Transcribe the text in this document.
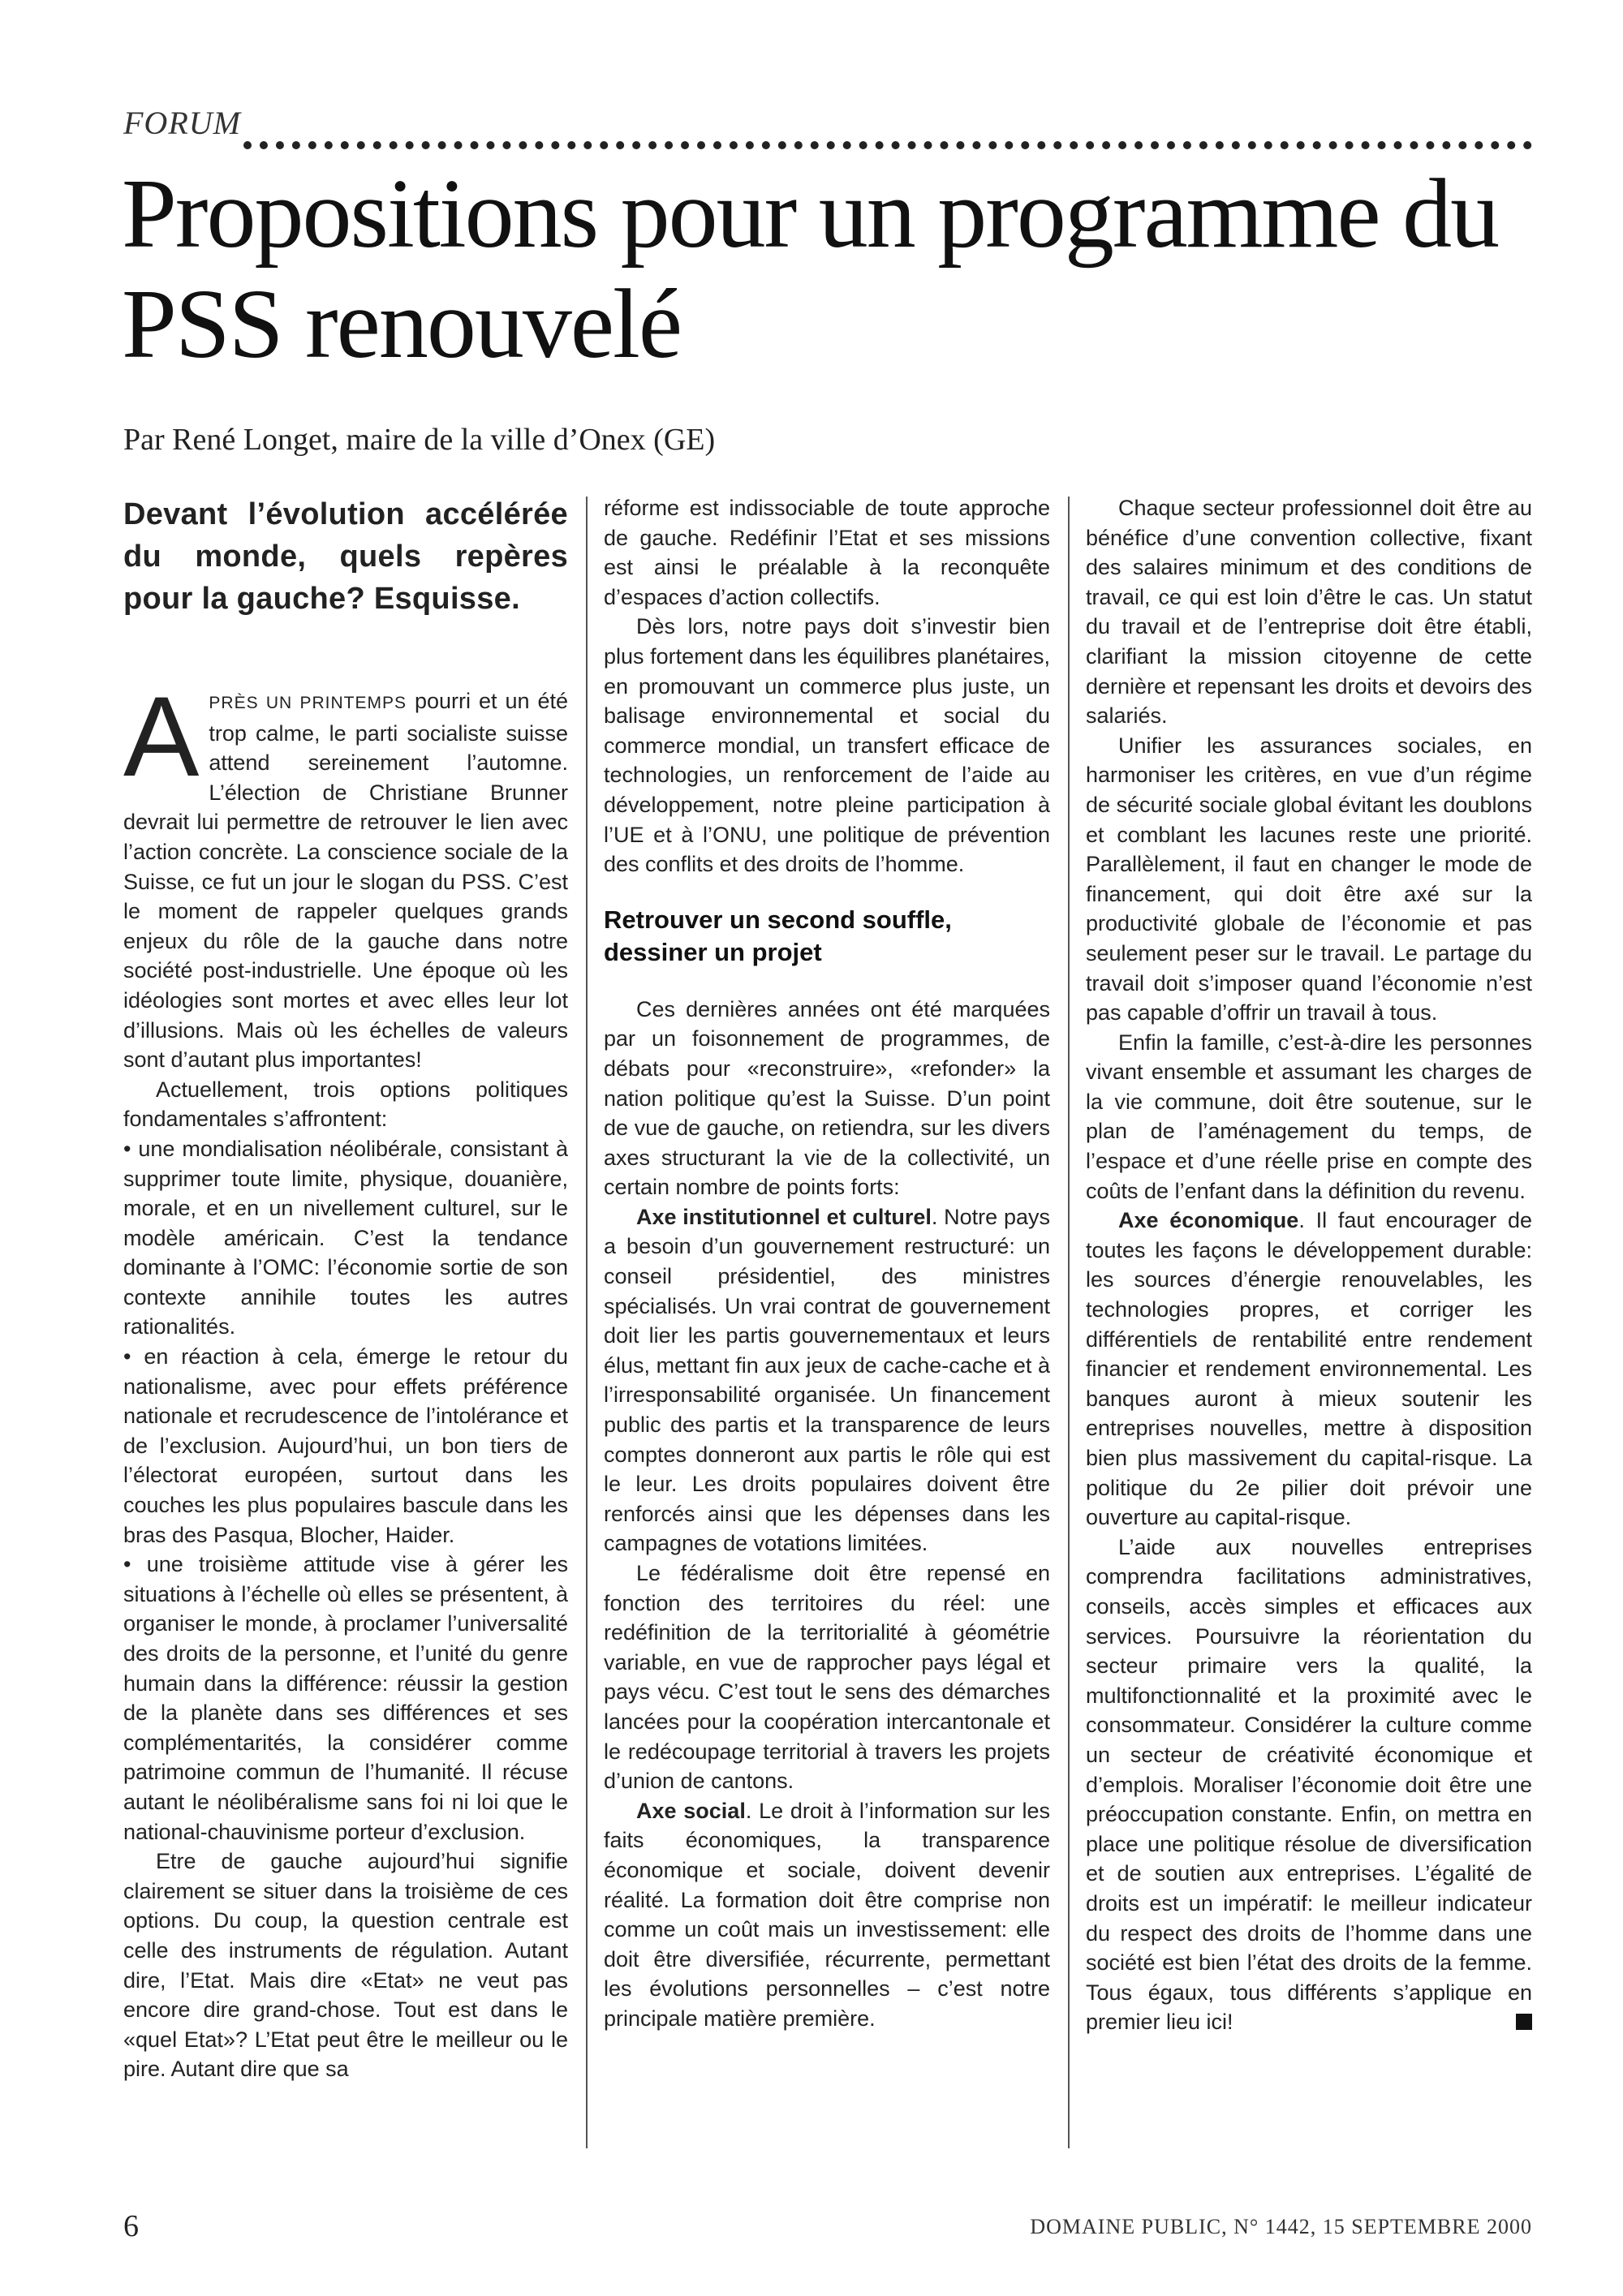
FORUM
Propositions pour un programme du PSS renouvelé
Par René Longet, maire de la ville d’Onex (GE)
Devant l’évolution accélérée du monde, quels repères pour la gauche? Esquisse.

APRÈS UN PRINTEMPS pourri et un été trop calme, le parti socialiste suisse attend sereinement l’automne. L’élection de Christiane Brunner devrait lui permettre de retrouver le lien avec l’action concrète. La conscience sociale de la Suisse, ce fut un jour le slogan du PSS. C’est le moment de rappeler quelques grands enjeux du rôle de la gauche dans notre société post-industrielle. Une époque où les idéologies sont mortes et avec elles leur lot d’illusions. Mais où les échelles de valeurs sont d’autant plus importantes!

Actuellement, trois options politiques fondamentales s’affrontent:

• une mondialisation néolibérale, consistant à supprimer toute limite, physique, douanière, morale, et en un nivellement culturel, sur le modèle américain. C’est la tendance dominante à l’OMC: l’économie sortie de son contexte annihile toutes les autres rationalités.

• en réaction à cela, émerge le retour du nationalisme, avec pour effets préférence nationale et recrudescence de l’intolérance et de l’exclusion. Aujourd’hui, un bon tiers de l’électorat européen, surtout dans les couches les plus populaires bascule dans les bras des Pasqua, Blocher, Haider.

• une troisième attitude vise à gérer les situations à l’échelle où elles se présentent, à organiser le monde, à proclamer l’universalité des droits de la personne, et l’unité du genre humain dans la différence: réussir la gestion de la planète dans ses différences et ses complémentarités, la considérer comme patrimoine commun de l’humanité. Il récuse autant le néolibéralisme sans foi ni loi que le national-chauvinisme porteur d’exclusion.

Etre de gauche aujourd’hui signifie clairement se situer dans la troisième de ces options. Du coup, la question centrale est celle des instruments de régulation. Autant dire, l’Etat. Mais dire «Etat» ne veut pas encore dire grand-chose. Tout est dans le «quel Etat»? L’Etat peut être le meilleur ou le pire. Autant dire que sa

réforme est indissociable de toute approche de gauche. Redéfinir l’Etat et ses missions est ainsi le préalable à la reconquête d’espaces d’action collectifs.

Dès lors, notre pays doit s’investir bien plus fortement dans les équilibres planétaires, en promouvant un commerce plus juste, un balisage environnemental et social du commerce mondial, un transfert efficace de technologies, un renforcement de l’aide au développement, notre pleine participation à l’UE et à l’ONU, une politique de prévention des conflits et des droits de l’homme.

Retrouver un second souffle, dessiner un projet

Ces dernières années ont été marquées par un foisonnement de programmes, de débats pour «reconstruire», «refonder» la nation politique qu’est la Suisse. D’un point de vue de gauche, on retiendra, sur les divers axes structurant la vie de la collectivité, un certain nombre de points forts:

Axe institutionnel et culturel. Notre pays a besoin d’un gouvernement restructuré: un conseil présidentiel, des ministres spécialisés. Un vrai contrat de gouvernement doit lier les partis gouvernementaux et leurs élus, mettant fin aux jeux de cache-cache et à l’irresponsabilité organisée. Un financement public des partis et la transparence de leurs comptes donneront aux partis le rôle qui est le leur. Les droits populaires doivent être renforcés ainsi que les dépenses dans les campagnes de votations limitées.

Le fédéralisme doit être repensé en fonction des territoires du réel: une redéfinition de la territorialité à géométrie variable, en vue de rapprocher pays légal et pays vécu. C’est tout le sens des démarches lancées pour la coopération intercantonale et le redécoupage territorial à travers les projets d’union de cantons.

Axe social. Le droit à l’information sur les faits économiques, la transparence économique et sociale, doivent devenir réalité. La formation doit être comprise non comme un coût mais un investissement: elle doit être diversifiée, récurrente, permettant les évolutions personnelles – c’est notre principale matière première.

Chaque secteur professionnel doit être au bénéfice d’une convention collective, fixant des salaires minimum et des conditions de travail, ce qui est loin d’être le cas. Un statut du travail et de l’entreprise doit être établi, clarifiant la mission citoyenne de cette dernière et repensant les droits et devoirs des salariés.

Unifier les assurances sociales, en harmoniser les critères, en vue d’un régime de sécurité sociale global évitant les doublons et comblant les lacunes reste une priorité. Parallèlement, il faut en changer le mode de financement, qui doit être axé sur la productivité globale de l’économie et pas seulement peser sur le travail. Le partage du travail doit s’imposer quand l’économie n’est pas capable d’offrir un travail à tous.

Enfin la famille, c’est-à-dire les personnes vivant ensemble et assumant les charges de la vie commune, doit être soutenue, sur le plan de l’aménagement du temps, de l’espace et d’une réelle prise en compte des coûts de l’enfant dans la définition du revenu.

Axe économique. Il faut encourager de toutes les façons le développement durable: les sources d’énergie renouvelables, les technologies propres, et corriger les différentiels de rentabilité entre rendement financier et rendement environnemental. Les banques auront à mieux soutenir les entreprises nouvelles, mettre à disposition bien plus massivement du capital-risque. La politique du 2e pilier doit prévoir une ouverture au capital-risque.

L’aide aux nouvelles entreprises comprendra facilitations administratives, conseils, accès simples et efficaces aux services. Poursuivre la réorientation du secteur primaire vers la qualité, la multifonctionnalité et la proximité avec le consommateur. Considérer la culture comme un secteur de créativité économique et d’emplois. Moraliser l’économie doit être une préoccupation constante. Enfin, on mettra en place une politique résolue de diversification et de soutien aux entreprises. L’égalité de droits est un impératif: le meilleur indicateur du respect des droits de l’homme dans une société est bien l’état des droits de la femme. Tous égaux, tous différents s’applique en premier lieu ici!

6	DOMAINE PUBLIC, N° 1442, 15 SEPTEMBRE 2000
